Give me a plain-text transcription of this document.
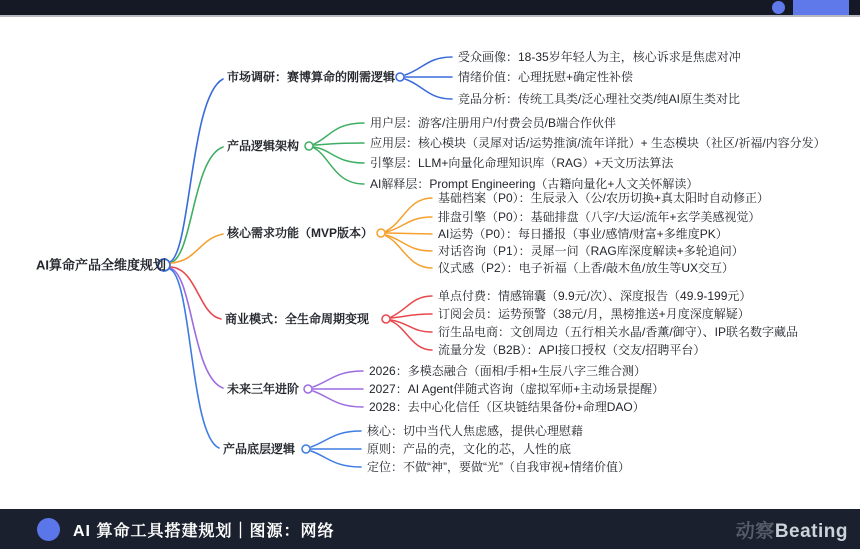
AI算命产品全维度规划
市场调研：赛博算命的刚需逻辑
受众画像：18-35岁年轻人为主，核心诉求是焦虑对冲
情绪价值：心理抚慰+确定性补偿
竞品分析：传统工具类/泛心理社交类/纯AI原生类对比
产品逻辑架构
用户层：游客/注册用户/付费会员/B端合作伙伴
应用层：核心模块（灵犀对话/运势推演/流年详批）+ 生态模块（社区/祈福/内容分发）
引擎层：LLM+向量化命理知识库（RAG）+天文历法算法
AI解释层：Prompt Engineering（古籍向量化+人文关怀解读）
核心需求功能（MVP版本）
基础档案（P0）：生辰录入（公/农历切换+真太阳时自动修正）
排盘引擎（P0）：基础排盘（八字/大运/流年+玄学美感视觉）
AI运势（P0）：每日播报（事业/感情/财富+多维度PK）
对话咨询（P1）：灵犀一问（RAG库深度解读+多轮追问）
仪式感（P2）：电子祈福（上香/敲木鱼/放生等UX交互）
商业模式：全生命周期变现
单点付费：情感锦囊（9.9元/次）、深度报告（49.9-199元）
订阅会员：运势预警（38元/月，黑榜推送+月度深度解疑）
衍生品电商：文创周边（五行相关水晶/香薰/御守）、IP联名数字藏品
流量分发（B2B）：API接口授权（交友/招聘平台）
未来三年进阶
2026：多模态融合（面相/手相+生辰八字三维合测）
2027：AI Agent伴随式咨询（虚拟军师+主动场景提醒）
2028：去中心化信任（区块链结果备份+命理DAO）
产品底层逻辑
核心：切中当代人焦虑感，提供心理慰藉
原则：产品的壳，文化的芯，人性的底
定位：不做“神”，要做“光”（自我审视+情绪价值）
AI 算命工具搭建规划｜图源：网络	动察Beating
